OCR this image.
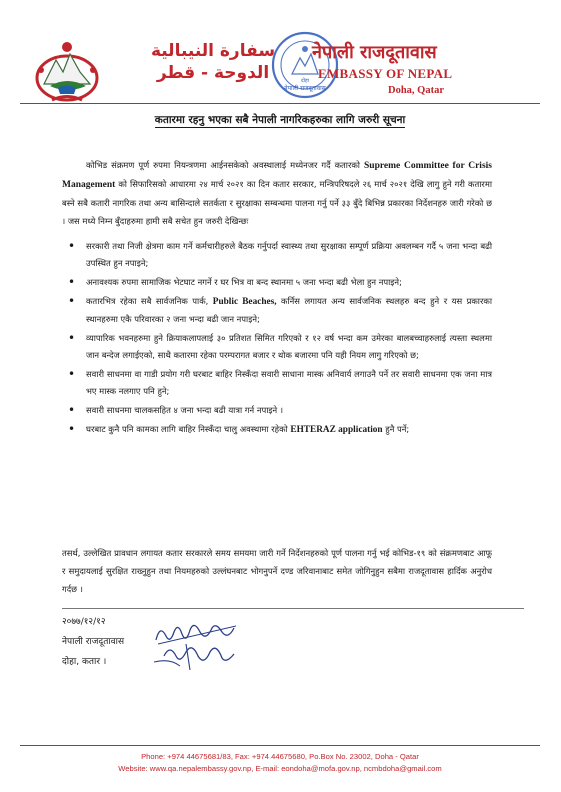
سفارة النيبالية
الدوحة - قطر
नेपाली राजदूतावास
दोहा
नेपाली राजदूतावास
EMBASSY OF NEPAL
Doha, Qatar
कतारमा रहनु भएका सबै नेपाली नागरिकहरुका लागि जरुरी सूचना

कोभिड संक्रमण पूर्ण रुपमा नियन्त्रणमा आईनसकेको अवस्थालाई मध्येनजर गर्दै कतारको Supreme Committee for Crisis Management को सिफारिसको आधारमा २४ मार्च २०२१ का दिन कतार सरकार, मन्त्रिपरिषदले २६ मार्च २०२१ देखि लागु हुने गरी कतारमा बस्ने सबै कतारी नागरिक तथा अन्य बासिन्दाले सतर्कता र सुरक्षाका सम्बन्धमा पालना गर्नु पर्ने ३३ बुँदे बिभिन्न प्रकारका निर्देशनहरु जारी गरेको छ । जस मध्ये निम्न बुँदाहरुमा हामी सबै सचेत हुन जरुरी देखिन्छः

• सरकारी तथा निजी क्षेत्रमा काम गर्ने कर्मचारीहरुले बैठक गर्नुपर्दा स्वास्थ्य तथा सुरक्षाका सम्पूर्ण प्रक्रिया अवलम्बन गर्दै ५ जना भन्दा बढी उपस्थित हुन नपाइने;
• अनावश्यक रुपमा सामाजिक भेटघाट नगर्ने र घर भित्र वा बन्द स्थानमा ५ जना भन्दा बढी भेला हुन नपाइने;
• कतारभित्र रहेका सबै सार्वजनिक पार्क, Public Beaches, कर्निस लगायत अन्य सार्वजनिक स्थलहरु बन्द हुने र यस प्रकारका स्थानहरुमा एकै परिवारका २ जना भन्दा बढी जान नपाइने;
• व्यापारिक भवनहरुमा हुने क्रियाकलापलाई ३० प्रतिशत सिमित गरिएको र १२ वर्ष भन्दा कम उमेरका बालबच्चाहरुलाई त्यस्ता स्थलमा जान बन्देज लगाईएको, साथै कतारमा रहेका परम्परागत बजार र थोक बजारमा पनि यही नियम लागु गरिएको छ;
• सवारी साधनमा वा गाडी प्रयोग गरी घरबाट बाहिर निस्कँदा सवारी साधाना मास्क अनिवार्य लगाउनै पर्ने तर सवारी साधनमा एक जना मात्र भए मास्क नलगाए पनि हुने;
• सवारी साधनमा चालकसहित ४ जना भन्दा बढी यात्रा गर्न नपाइने ।
• घरबाट कुनै पनि कामका लागि बाहिर निस्कँदा चालु अवस्थामा रहेको EHTERAZ application हुनै पर्ने;

तसर्थ, उल्लेखित प्रावधान लगायत कतार सरकारले समय समयमा जारी गर्ने निर्देशनहरुको पूर्ण पालना गर्नु भई कोभिड-१९ को संक्रमणबाट आफू र समुदायलाई सुरक्षित राख्नुहुन तथा नियमहरुको उल्लंघनबाट भोगनुपर्ने दण्ड जरिवानाबाट समेत जोगिनुहुन सबैमा राजदूतावास हार्दिक अनुरोध गर्दछ ।

२०७७/१२/१२
नेपाली राजदूतावास
दोहा, कतार ।
Phone: +974 44675681/83, Fax: +974 44675680, Po.Box No. 23002, Doha - Qatar
Website: www.qa.nepalembassy.gov.np, E-mail: eondoha@mofa.gov.np, ncmbdoha@gmail.com
